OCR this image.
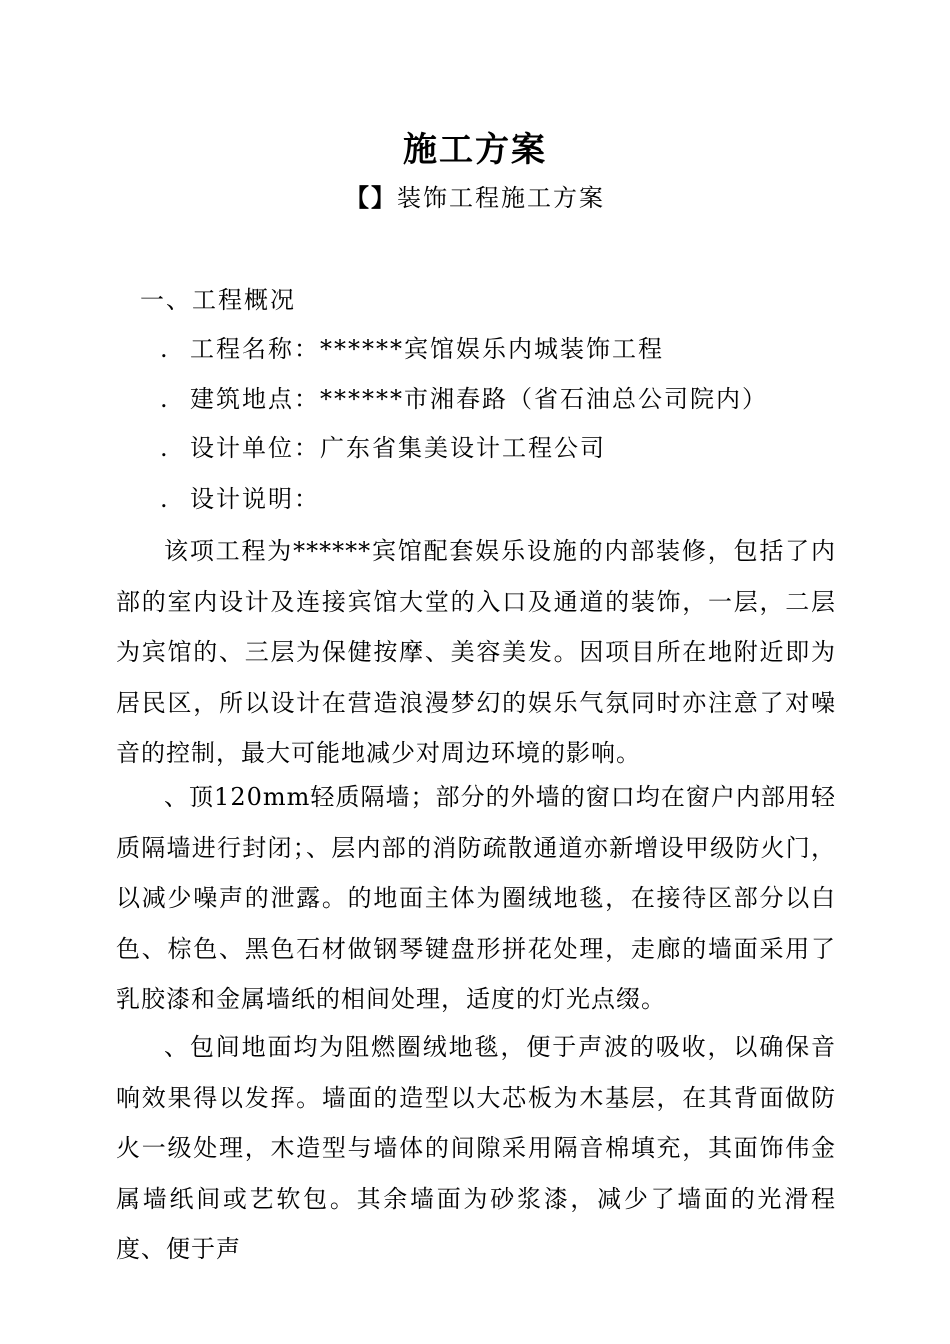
施工方案
【】装饰工程施工方案
一、工程概况
. 工程名称：******宾馆娱乐内城装饰工程
. 建筑地点：******市湘春路（省石油总公司院内）
. 设计单位：广东省集美设计工程公司
. 设计说明：
该项工程为******宾馆配套娱乐设施的内部装修，包括了内部的室内设计及连接宾馆大堂的入口及通道的装饰，一层，二层为宾馆的、三层为保健按摩、美容美发。因项目所在地附近即为居民区，所以设计在营造浪漫梦幻的娱乐气氛同时亦注意了对噪音的控制，最大可能地减少对周边环境的影响。
、顶120mm轻质隔墙；部分的外墙的窗口均在窗户内部用轻质隔墙进行封闭；、层内部的消防疏散通道亦新增设甲级防火门，以减少噪声的泄露。的地面主体为圈绒地毯，在接待区部分以白色、棕色、黑色石材做钢琴键盘形拼花处理，走廊的墙面采用了乳胶漆和金属墙纸的相间处理，适度的灯光点缀。
、包间地面均为阻燃圈绒地毯，便于声波的吸收，以确保音响效果得以发挥。墙面的造型以大芯板为木基层，在其背面做防火一级处理，木造型与墙体的间隙采用隔音棉填充，其面饰伟金属墙纸间或艺软包。其余墙面为砂浆漆，减少了墙面的光滑程度、便于声
